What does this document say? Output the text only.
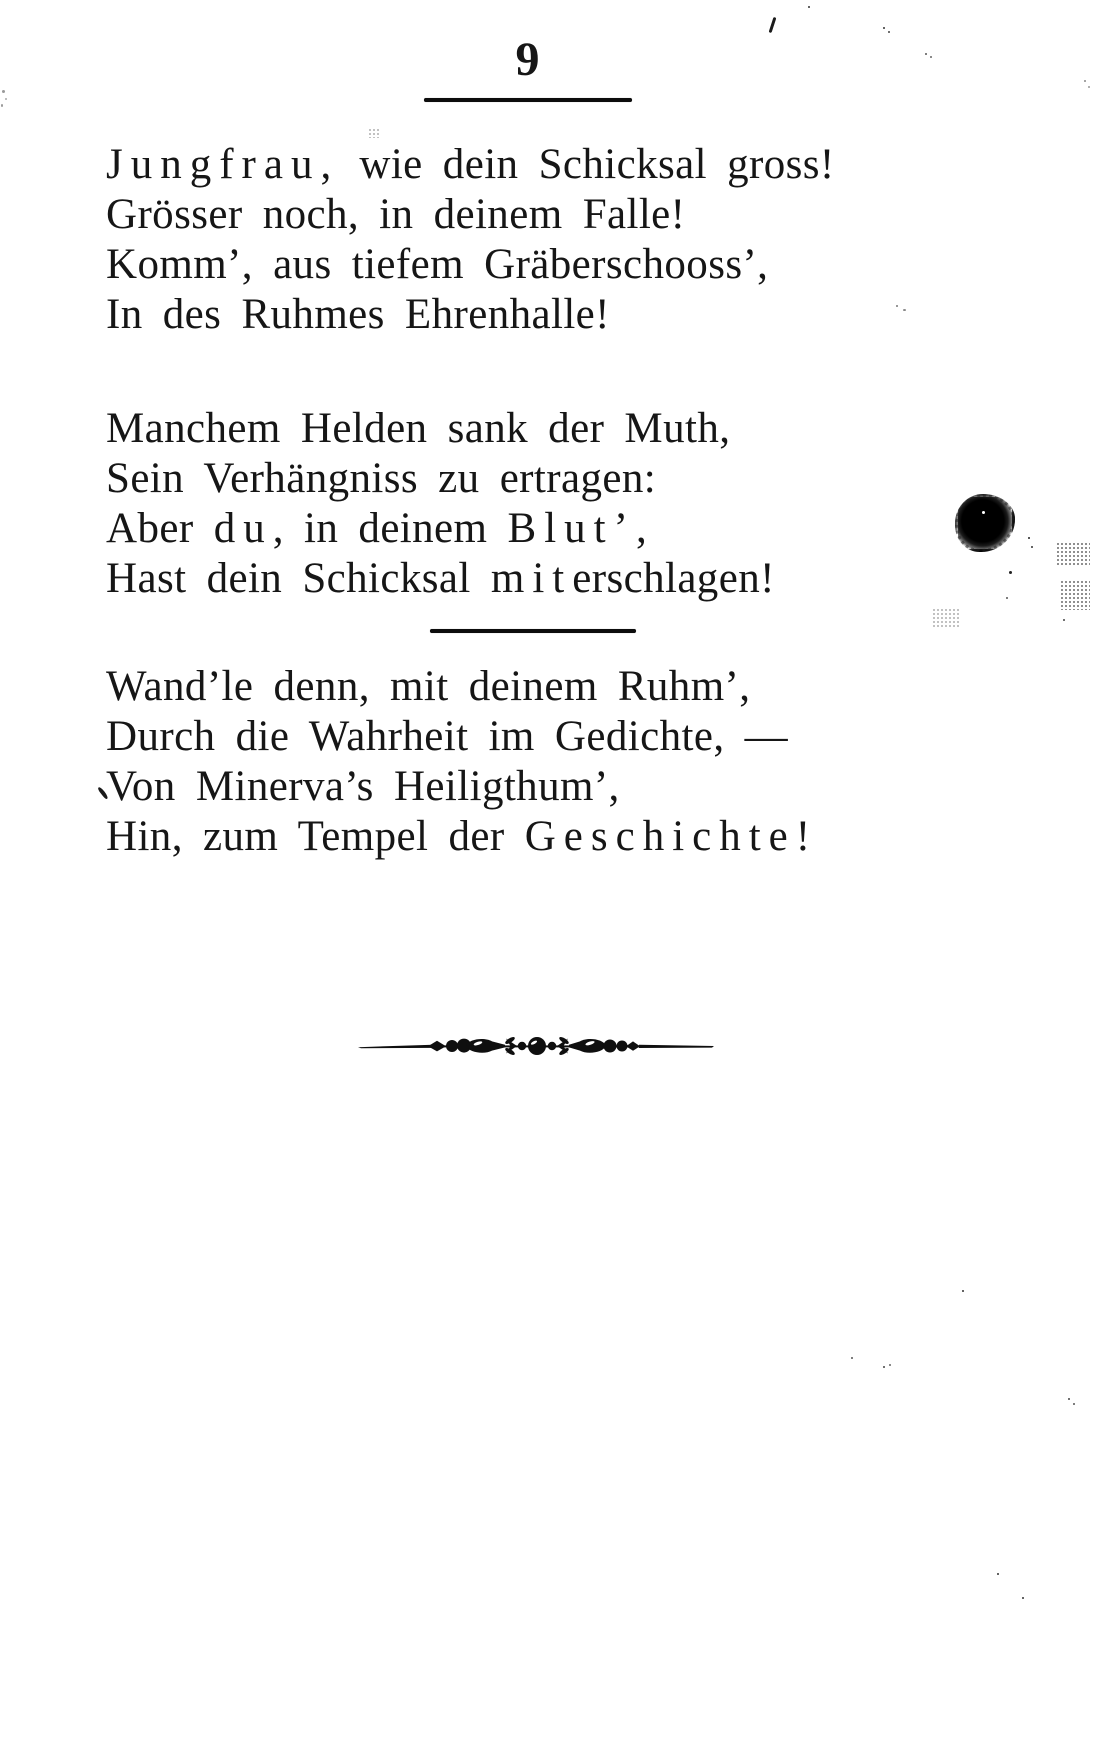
9

Jungfrau, wie dein Schicksal gross!

Grösser noch, in deinem Falle!

Komm’, aus tiefem Gräberschooss’,

In des Ruhmes Ehrenhalle!

Manchem Helden sank der Muth,

Sein Verhängniss zu ertragen:

Aber du, in deinem Blut’,

Hast dein Schicksal miterschlagen!

Wand’le denn, mit deinem Ruhm’,

Durch die Wahrheit im Gedichte, —

Von Minerva’s Heiligthum’,

Hin, zum Tempel der Geschichte!
